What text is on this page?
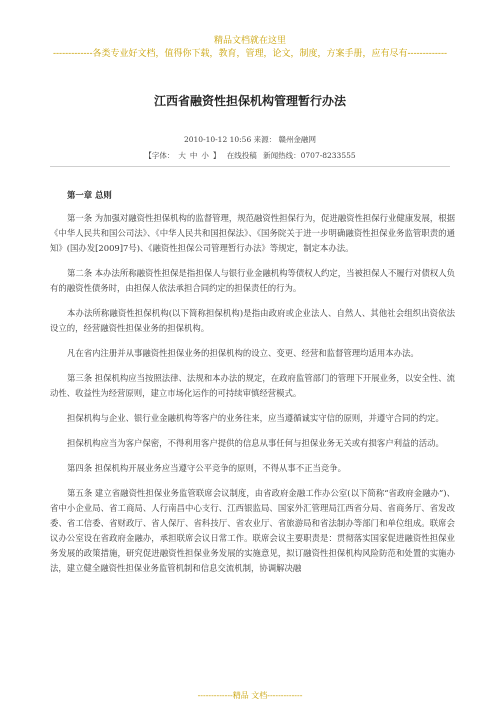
精品文档就在这里
-------------各类专业好文档，值得你下载，教育，管理，论文，制度，方案手册，应有尽有-------------
江西省融资性担保机构管理暂行办法
2010-10-12 10:56 来源： 赣州金融网
【字体： 大 中 小 】 在线投稿 新闻热线：0707-8233555

第一章 总则

第一条 为加强对融资性担保机构的监督管理，规范融资性担保行为，促进融资性担保行业健康发展，根据《中华人民共和国公司法》、《中华人民共和国担保法》、《国务院关于进一步明确融资性担保业务监管职责的通知》(国办发[2009]7号)、《融资性担保公司管理暂行办法》等规定，制定本办法。

第二条 本办法所称融资性担保是指担保人与银行业金融机构等债权人约定，当被担保人不履行对债权人负有的融资性债务时，由担保人依法承担合同约定的担保责任的行为。

本办法所称融资性担保机构(以下简称担保机构)是指由政府或企业法人、自然人、其他社会组织出资依法设立的，经营融资性担保业务的担保机构。

凡在省内注册并从事融资性担保业务的担保机构的设立、变更、经营和监督管理均适用本办法。

第三条 担保机构应当按照法律、法规和本办法的规定，在政府监管部门的管理下开展业务，以安全性、流动性、收益性为经营原则，建立市场化运作的可持续审慎经营模式。

担保机构与企业、银行业金融机构等客户的业务往来，应当遵循诚实守信的原则，并遵守合同的约定。

担保机构应当为客户保密，不得利用客户提供的信息从事任何与担保业务无关或有损客户利益的活动。

第四条 担保机构开展业务应当遵守公平竞争的原则，不得从事不正当竞争。

第五条 建立省融资性担保业务监管联席会议制度，由省政府金融工作办公室(以下简称“省政府金融办”)、省中小企业局、省工商局、人行南昌中心支行、江西银监局、国家外汇管理局江西省分局、省商务厅、省发改委、省工信委、省财政厅、省人保厅、省科技厅、省农业厅、省旅游局和省法制办等部门和单位组成。联席会议办公室设在省政府金融办，承担联席会议日常工作。联席会议主要职责是：贯彻落实国家促进融资性担保业务发展的政策措施，研究促进融资性担保业务发展的实施意见，拟订融资性担保机构风险防范和处置的实施办法，建立健全融资性担保业务监管机制和信息交流机制，协调解决融

-------------精品 文档-------------
